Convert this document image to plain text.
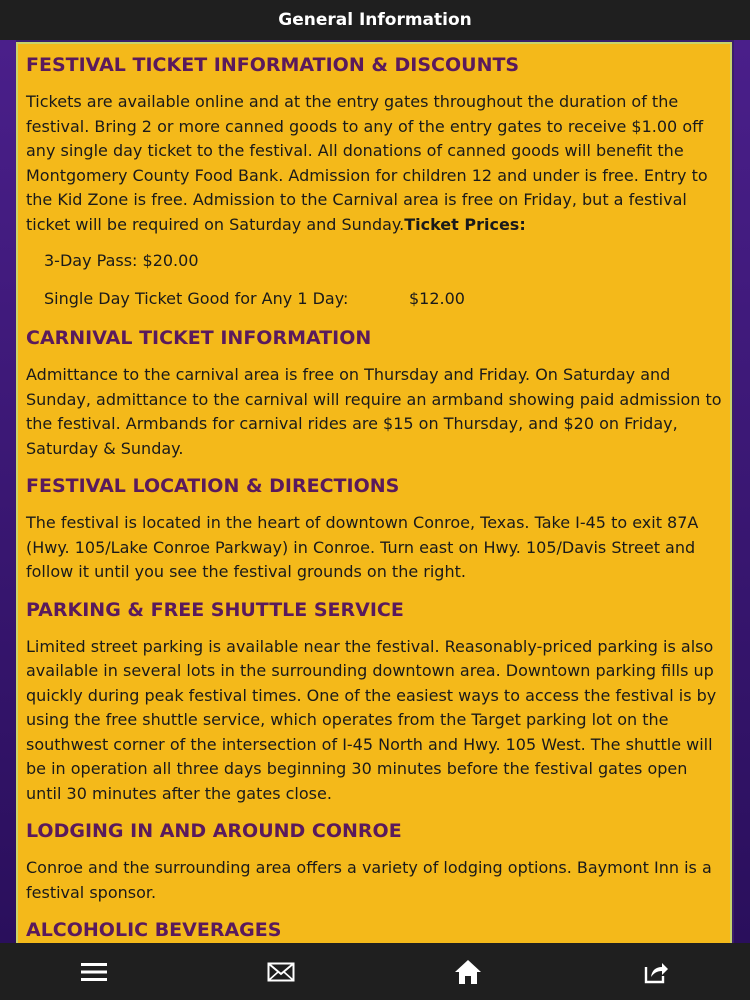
General Information
FESTIVAL TICKET INFORMATION & DISCOUNTS

Tickets are available online and at the entry gates throughout the duration of the festival. Bring 2 or more canned goods to any of the entry gates to receive $1.00 off any single day ticket to the festival. All donations of canned goods will benefit the Montgomery County Food Bank. Admission for children 12 and under is free. Entry to the Kid Zone is free. Admission to the Carnival area is free on Friday, but a festival ticket will be required on Saturday and Sunday.Ticket Prices:

3-Day Pass: $20.00
Single Day Ticket Good for Any 1 Day:	$12.00
CARNIVAL TICKET INFORMATION

Admittance to the carnival area is free on Thursday and Friday. On Saturday and Sunday, admittance to the carnival will require an armband showing paid admission to the festival. Armbands for carnival rides are $15 on Thursday, and $20 on Friday, Saturday & Sunday.

FESTIVAL LOCATION & DIRECTIONS

The festival is located in the heart of downtown Conroe, Texas. Take I-45 to exit 87A (Hwy. 105/Lake Conroe Parkway) in Conroe. Turn east on Hwy. 105/Davis Street and follow it until you see the festival grounds on the right.

PARKING & FREE SHUTTLE SERVICE

Limited street parking is available near the festival. Reasonably-priced parking is also available in several lots in the surrounding downtown area. Downtown parking fills up quickly during peak festival times. One of the easiest ways to access the festival is by using the free shuttle service, which operates from the Target parking lot on the southwest corner of the intersection of I-45 North and Hwy. 105 West. The shuttle will be in operation all three days beginning 30 minutes before the festival gates open until 30 minutes after the gates close.

LODGING IN AND AROUND CONROE

Conroe and the surrounding area offers a variety of lodging options. Baymont Inn is a festival sponsor.

ALCOHOLIC BEVERAGES
